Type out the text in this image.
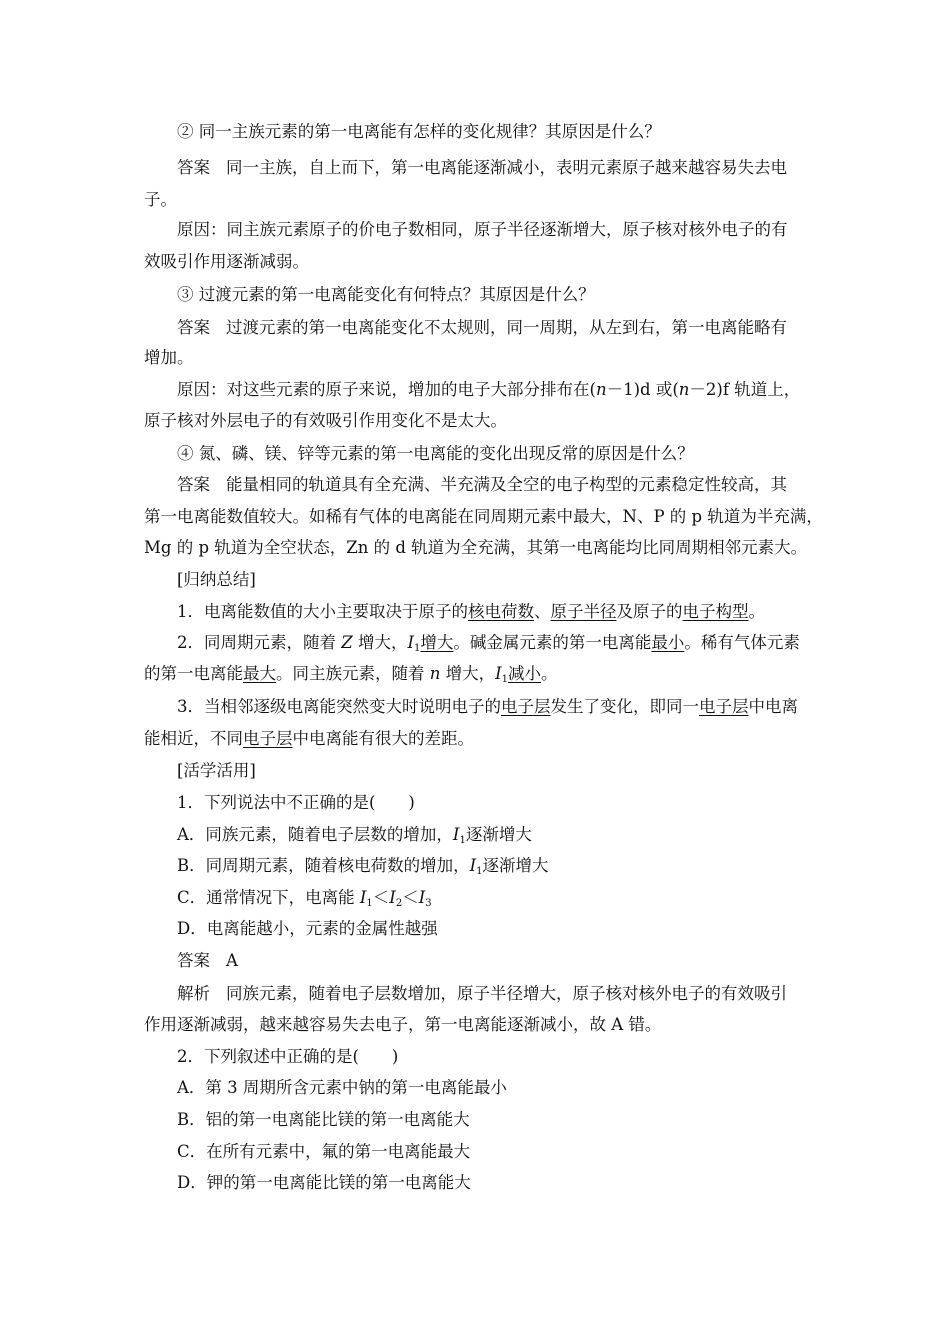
② 同一主族元素的第一电离能有怎样的变化规律？其原因是什么？
答案 同一主族，自上而下，第一电离能逐渐减小，表明元素原子越来越容易失去电
子。
原因：同主族元素原子的价电子数相同，原子半径逐渐增大，原子核对核外电子的有
效吸引作用逐渐减弱。
③ 过渡元素的第一电离能变化有何特点？其原因是什么？
答案 过渡元素的第一电离能变化不太规则，同一周期，从左到右，第一电离能略有
增加。
原因：对这些元素的原子来说，增加的电子大部分排布在(n－1)d 或(n－2)f 轨道上，
原子核对外层电子的有效吸引作用变化不是太大。
④ 氮、磷、镁、锌等元素的第一电离能的变化出现反常的原因是什么？
答案 能量相同的轨道具有全充满、半充满及全空的电子构型的元素稳定性较高，其
第一电离能数值较大。如稀有气体的电离能在同周期元素中最大，N、P 的 p 轨道为半充满，
Mg 的 p 轨道为全空状态，Zn 的 d 轨道为全充满，其第一电离能均比同周期相邻元素大。
[归纳总结]
1．电离能数值的大小主要取决于原子的核电荷数、原子半径及原子的电子构型。
2．同周期元素，随着 Z 增大，$I_1$增大。碱金属元素的第一电离能最小。稀有气体元素
的第一电离能最大。同主族元素，随着 n 增大，$I_1$减小。
3．当相邻逐级电离能突然变大时说明电子的电子层发生了变化，即同一电子层中电离
能相近，不同电子层中电离能有很大的差距。
[活学活用]
1．下列说法中不正确的是(　　)
A．同族元素，随着电子层数的增加，$I_1$逐渐增大
B．同周期元素，随着核电荷数的增加，$I_1$逐渐增大
C．通常情况下，电离能 $I_1<I_2<I_3$
D．电离能越小，元素的金属性越强
答案 A
解析 同族元素，随着电子层数增加，原子半径增大，原子核对核外电子的有效吸引
作用逐渐减弱，越来越容易失去电子，第一电离能逐渐减小，故 A 错。
2．下列叙述中正确的是(　　)
A．第 3 周期所含元素中钠的第一电离能最小
B．铝的第一电离能比镁的第一电离能大
C．在所有元素中，氟的第一电离能最大
D．钾的第一电离能比镁的第一电离能大
